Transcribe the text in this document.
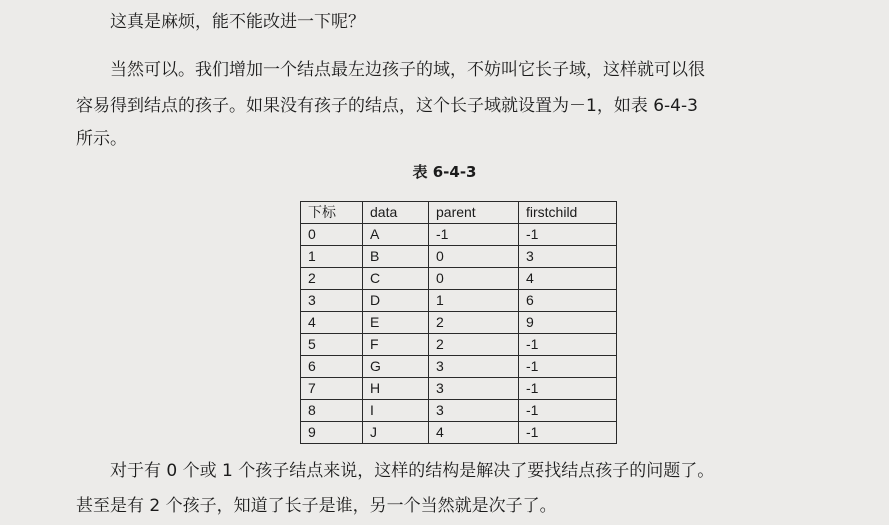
这真是麻烦，能不能改进一下呢？
当然可以。我们增加一个结点最左边孩子的域，不妨叫它长子域，这样就可以很
容易得到结点的孩子。如果没有孩子的结点，这个长子域就设置为－1，如表 6-4-3
所示。
表 6-4-3
下标	data	parent	firstchild
0	A	-1	-1
1	B	0	3
2	C	0	4
3	D	1	6
4	E	2	9
5	F	2	-1
6	G	3	-1
7	H	3	-1
8	I	3	-1
9	J	4	-1
对于有 0 个或 1 个孩子结点来说，这样的结构是解决了要找结点孩子的问题了。
甚至是有 2 个孩子，知道了长子是谁，另一个当然就是次子了。
